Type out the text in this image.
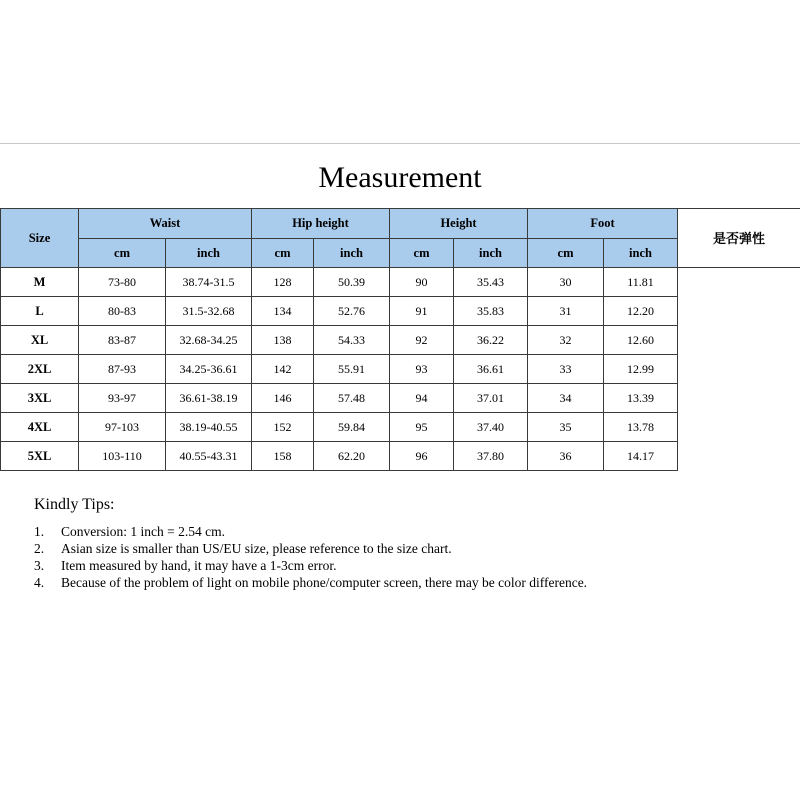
Measurement
Size	Waist		Hip height		Height		Foot		是否弹性
	cm	inch	cm	inch	cm	inch	cm	inch	
M	73-80	38.74-31.5	128	50.39	90	35.43	30	11.81	
L	80-83	31.5-32.68	134	52.76	91	35.83	31	12.20	
XL	83-87	32.68-34.25	138	54.33	92	36.22	32	12.60	
2XL	87-93	34.25-36.61	142	55.91	93	36.61	33	12.99	
3XL	93-97	36.61-38.19	146	57.48	94	37.01	34	13.39	
4XL	97-103	38.19-40.55	152	59.84	95	37.40	35	13.78	
5XL	103-110	40.55-43.31	158	62.20	96	37.80	36	14.17	
Kindly Tips:
1.	Conversion: 1 inch = 2.54 cm.
2.	Asian size is smaller than US/EU size, please reference to the size chart.
3.	Item measured by hand, it may have a 1-3cm error.
4.	Because of the problem of light on mobile phone/computer screen, there may be color difference.
